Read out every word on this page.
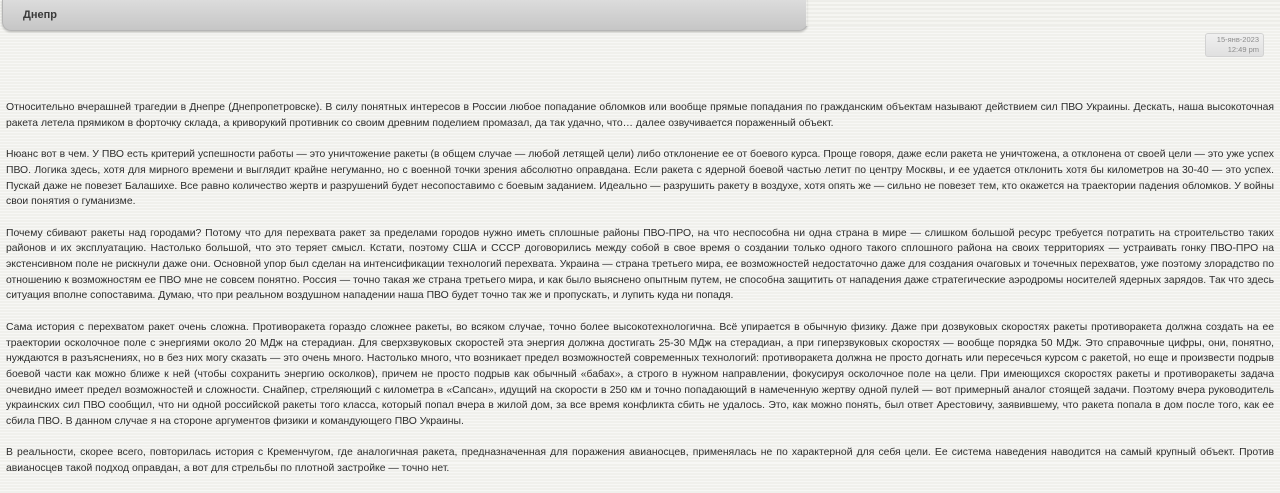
Днепр
15-янв-2023
12:49 pm

Относительно вчерашней трагедии в Днепре (Днепропетровске). В силу понятных интересов в России любое попадание обломков или вообще прямые попадания по гражданским объектам называют действием сил ПВО Украины. Дескать, наша высокоточная ракета летела прямиком в форточку склада, а криворукий противник со своим древним поделием промазал, да так удачно, что… далее озвучивается пораженный объект.

Нюанс вот в чем. У ПВО есть критерий успешности работы — это уничтожение ракеты (в общем случае — любой летящей цели) либо отклонение ее от боевого курса. Проще говоря, даже если ракета не уничтожена, а отклонена от своей цели — это уже успех ПВО. Логика здесь, хотя для мирного времени и выглядит крайне негуманно, но с военной точки зрения абсолютно оправдана. Если ракета с ядерной боевой частью летит по центру Москвы, и ее удается отклонить хотя бы километров на 30-40 — это успех. Пускай даже не повезет Балашихе. Все равно количество жертв и разрушений будет несопоставимо с боевым заданием. Идеально — разрушить ракету в воздухе, хотя опять же — сильно не повезет тем, кто окажется на траектории падения обломков. У войны свои понятия о гуманизме.

Почему сбивают ракеты над городами? Потому что для перехвата ракет за пределами городов нужно иметь сплошные районы ПВО-ПРО, на что неспособна ни одна страна в мире — слишком большой ресурс требуется потратить на строительство таких районов и их эксплуатацию. Настолько большой, что это теряет смысл. Кстати, поэтому США и СССР договорились между собой в свое время о создании только одного такого сплошного района на своих территориях — устраивать гонку ПВО-ПРО на экстенсивном поле не рискнули даже они. Основной упор был сделан на интенсификации технологий перехвата. Украина — страна третьего мира, ее возможностей недостаточно даже для создания очаговых и точечных перехватов, уже поэтому злорадство по отношению к возможностям ее ПВО мне не совсем понятно. Россия — точно такая же страна третьего мира, и как было выяснено опытным путем, не способна защитить от нападения даже стратегические аэродромы носителей ядерных зарядов. Так что здесь ситуация вполне сопоставима. Думаю, что при реальном воздушном нападении наша ПВО будет точно так же и пропускать, и лупить куда ни попадя.

Сама история с перехватом ракет очень сложна. Противоракета гораздо сложнее ракеты, во всяком случае, точно более высокотехнологична. Всё упирается в обычную физику. Даже при дозвуковых скоростях ракеты противоракета должна создать на ее траектории осколочное поле с энергиями около 20 МДж на стерадиан. Для сверхзвуковых скоростей эта энергия должна достигать 25-30 МДж на стерадиан, а при гиперзвуковых скоростях — вообще порядка 50 МДж. Это справочные цифры, они, понятно, нуждаются в разъяснениях, но в без них могу сказать — это очень много. Настолько много, что возникает предел возможностей современных технологий: противоракета должна не просто догнать или пересечься курсом с ракетой, но еще и произвести подрыв боевой части как можно ближе к ней (чтобы сохранить энергию осколков), причем не просто подрыв как обычный «бабах», а строго в нужном направлении, фокусируя осколочное поле на цели. При имеющихся скоростях ракеты и противоракеты задача очевидно имеет предел возможностей и сложности. Снайпер, стреляющий с километра в «Сапсан», идущий на скорости в 250 км и точно попадающий в намеченную жертву одной пулей — вот примерный аналог стоящей задачи. Поэтому вчера руководитель украинских сил ПВО сообщил, что ни одной российской ракеты того класса, который попал вчера в жилой дом, за все время конфликта сбить не удалось. Это, как можно понять, был ответ Арестовичу, заявившему, что ракета попала в дом после того, как ее сбила ПВО. В данном случае я на стороне аргументов физики и командующего ПВО Украины.

В реальности, скорее всего, повторилась история с Кременчугом, где аналогичная ракета, предназначенная для поражения авианосцев, применялась не по характерной для себя цели. Ее система наведения наводится на самый крупный объект. Против авианосцев такой подход оправдан, а вот для стрельбы по плотной застройке — точно нет.
